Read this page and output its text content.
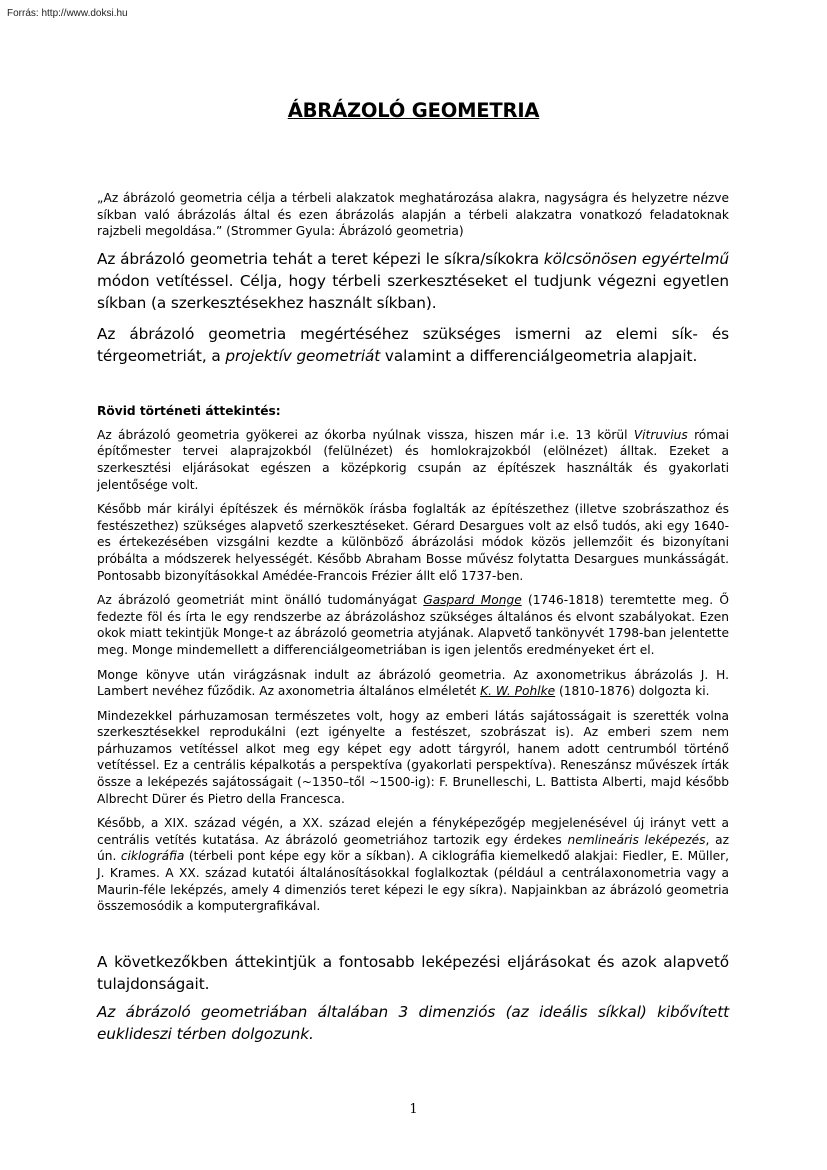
Forrás: http://www.doksi.hu
ÁBRÁZOLÓ GEOMETRIA

„Az ábrázoló geometria célja a térbeli alakzatok meghatározása alakra, nagyságra és helyzetre nézve síkban való ábrázolás által és ezen ábrázolás alapján a térbeli alakzatra vonatkozó feladatoknak rajzbeli megoldása.” (Strommer Gyula: Ábrázoló geometria)

Az ábrázoló geometria tehát a teret képezi le síkra/síkokra kölcsönösen egyértelmű módon vetítéssel. Célja, hogy térbeli szerkesztéseket el tudjunk végezni egyetlen síkban (a szerkesztésekhez használt síkban).

Az ábrázoló geometria megértéséhez szükséges ismerni az elemi sík- és térgeometriát, a projektív geometriát valamint a differenciálgeometria alapjait.

Rövid történeti áttekintés:

Az ábrázoló geometria gyökerei az ókorba nyúlnak vissza, hiszen már i.e. 13 körül Vitruvius római építőmester tervei alaprajzokból (felülnézet) és homlokrajzokból (elölnézet) álltak. Ezeket a szerkesztési eljárásokat egészen a középkorig csupán az építészek használták és gyakorlati jelentősége volt.

Később már királyi építészek és mérnökök írásba foglalták az építészethez (illetve szobrászathoz és festészethez) szükséges alapvető szerkesztéseket. Gérard Desargues volt az első tudós, aki egy 1640-es értekezésében vizsgálni kezdte a különböző ábrázolási módok közös jellemzőit és bizonyítani próbálta a módszerek helyességét. Később Abraham Bosse művész folytatta Desargues munkásságát. Pontosabb bizonyításokkal Amédée-Francois Frézier állt elő 1737-ben.

Az ábrázoló geometriát mint önálló tudományágat Gaspard Monge (1746-1818) teremtette meg. Ő fedezte föl és írta le egy rendszerbe az ábrázoláshoz szükséges általános és elvont szabályokat. Ezen okok miatt tekintjük Monge-t az ábrázoló geometria atyjának. Alapvető tankönyvét 1798-ban jelentette meg. Monge mindemellett a differenciálgeometriában is igen jelentős eredményeket ért el.

Monge könyve után virágzásnak indult az ábrázoló geometria. Az axonometrikus ábrázolás J. H. Lambert nevéhez fűződik. Az axonometria általános elméletét K. W. Pohlke (1810-1876) dolgozta ki.

Mindezekkel párhuzamosan természetes volt, hogy az emberi látás sajátosságait is szerették volna szerkesztésekkel reprodukálni (ezt igényelte a festészet, szobrászat is). Az emberi szem nem párhuzamos vetítéssel alkot meg egy képet egy adott tárgyról, hanem adott centrumból történő vetítéssel. Ez a centrális képalkotás a perspektíva (gyakorlati perspektíva). Reneszánsz művészek írták össze a leképezés sajátosságait (~1350–től ~1500-ig): F. Brunelleschi, L. Battista Alberti, majd később Albrecht Dürer és Pietro della Francesca.

Később, a XIX. század végén, a XX. század elején a fényképezőgép megjelenésével új irányt vett a centrális vetítés kutatása. Az ábrázoló geometriához tartozik egy érdekes nemlineáris leképezés, az ún. ciklográfia (térbeli pont képe egy kör a síkban). A ciklográfia kiemelkedő alakjai: Fiedler, E. Müller, J. Krames. A XX. század kutatói általánosításokkal foglalkoztak (például a centrálaxonometria vagy a Maurin-féle leképzés, amely 4 dimenziós teret képezi le egy síkra). Napjainkban az ábrázoló geometria összemosódik a komputergrafikával.

A következőkben áttekintjük a fontosabb leképezési eljárásokat és azok alapvető tulajdonságait.

Az ábrázoló geometriában általában 3 dimenziós (az ideális síkkal) kibővített euklideszi térben dolgozunk.

1
